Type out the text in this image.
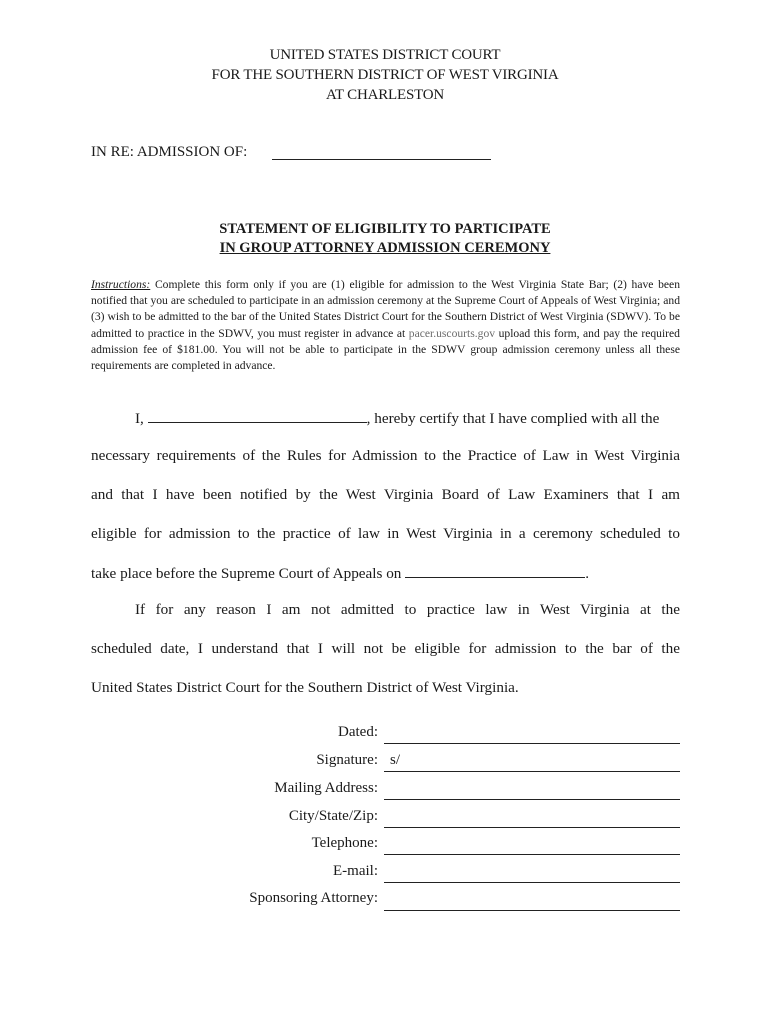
UNITED STATES DISTRICT COURT
FOR THE SOUTHERN DISTRICT OF WEST VIRGINIA
AT CHARLESTON
IN RE: ADMISSION OF:
STATEMENT OF ELIGIBILITY TO PARTICIPATE
IN GROUP ATTORNEY ADMISSION CEREMONY
Instructions: Complete this form only if you are (1) eligible for admission to the West Virginia State Bar; (2) have been notified that you are scheduled to participate in an admission ceremony at the Supreme Court of Appeals of West Virginia; and (3) wish to be admitted to the bar of the United States District Court for the Southern District of West Virginia (SDWV). To be admitted to practice in the SDWV, you must register in advance at pacer.uscourts.gov upload this form, and pay the required admission fee of $181.00. You will not be able to participate in the SDWV group admission ceremony unless all these requirements are completed in advance.
I,	, hereby certify that I have complied with all the
necessary requirements of the Rules for Admission to the Practice of Law in West Virginia
and that I have been notified by the West Virginia Board of Law Examiners that I am
eligible for admission to the practice of law in West Virginia in a ceremony scheduled to
take place before the Supreme Court of Appeals on	.
If for any reason I am not admitted to practice law in West Virginia at the
scheduled date, I understand that I will not be eligible for admission to the bar of the
United States District Court for the Southern District of West Virginia.
Dated:
Signature: s/
Mailing Address:
City/State/Zip:
Telephone:
E-mail:
Sponsoring Attorney:
